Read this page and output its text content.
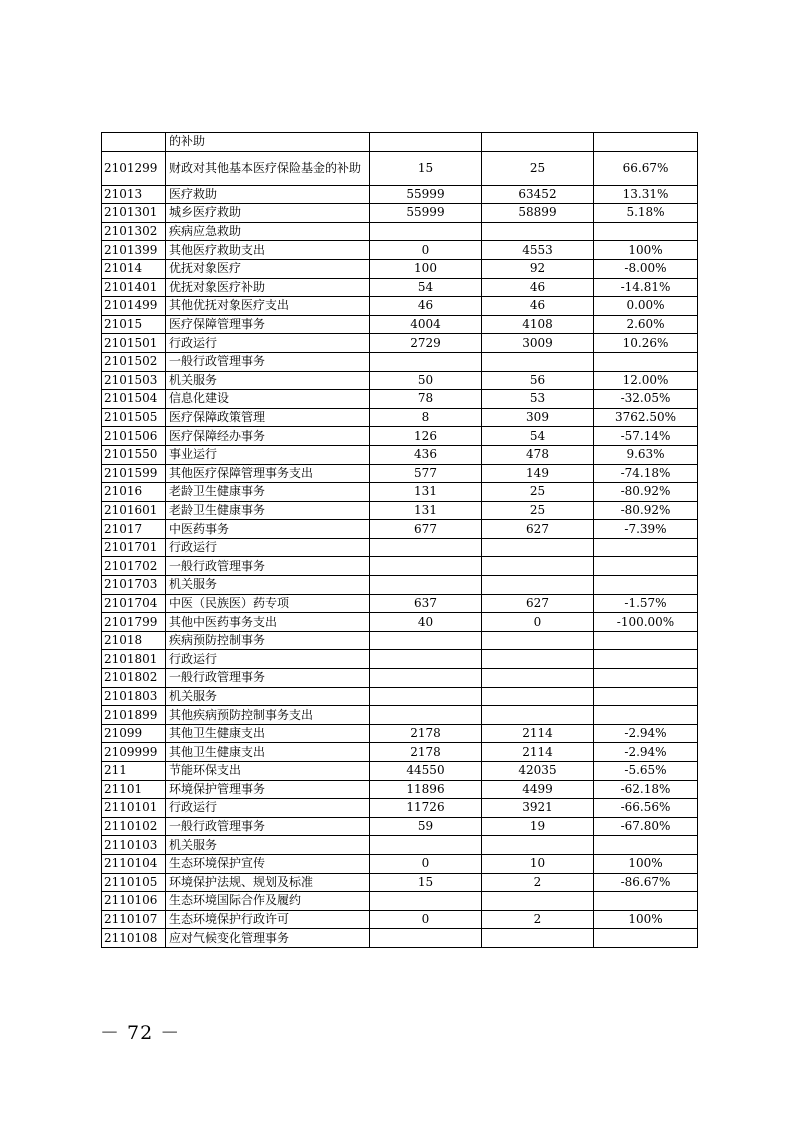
	的补助			
2101299	财政对其他基本医疗保险基金的补助	15	25	66.67%
21013	医疗救助	55999	63452	13.31%
2101301	城乡医疗救助	55999	58899	5.18%
2101302	疾病应急救助			
2101399	其他医疗救助支出	0	4553	100%
21014	优抚对象医疗	100	92	-8.00%
2101401	优抚对象医疗补助	54	46	-14.81%
2101499	其他优抚对象医疗支出	46	46	0.00%
21015	医疗保障管理事务	4004	4108	2.60%
2101501	行政运行	2729	3009	10.26%
2101502	一般行政管理事务			
2101503	机关服务	50	56	12.00%
2101504	信息化建设	78	53	-32.05%
2101505	医疗保障政策管理	8	309	3762.50%
2101506	医疗保障经办事务	126	54	-57.14%
2101550	事业运行	436	478	9.63%
2101599	其他医疗保障管理事务支出	577	149	-74.18%
21016	老龄卫生健康事务	131	25	-80.92%
2101601	老龄卫生健康事务	131	25	-80.92%
21017	中医药事务	677	627	-7.39%
2101701	行政运行			
2101702	一般行政管理事务			
2101703	机关服务			
2101704	中医（民族医）药专项	637	627	-1.57%
2101799	其他中医药事务支出	40	0	-100.00%
21018	疾病预防控制事务			
2101801	行政运行			
2101802	一般行政管理事务			
2101803	机关服务			
2101899	其他疾病预防控制事务支出			
21099	其他卫生健康支出	2178	2114	-2.94%
2109999	其他卫生健康支出	2178	2114	-2.94%
211	节能环保支出	44550	42035	-5.65%
21101	环境保护管理事务	11896	4499	-62.18%
2110101	行政运行	11726	3921	-66.56%
2110102	一般行政管理事务	59	19	-67.80%
2110103	机关服务			
2110104	生态环境保护宣传	0	10	100%
2110105	环境保护法规、规划及标准	15	2	-86.67%
2110106	生态环境国际合作及履约			
2110107	生态环境保护行政许可	0	2	100%
2110108	应对气候变化管理事务			
－ 72 －
